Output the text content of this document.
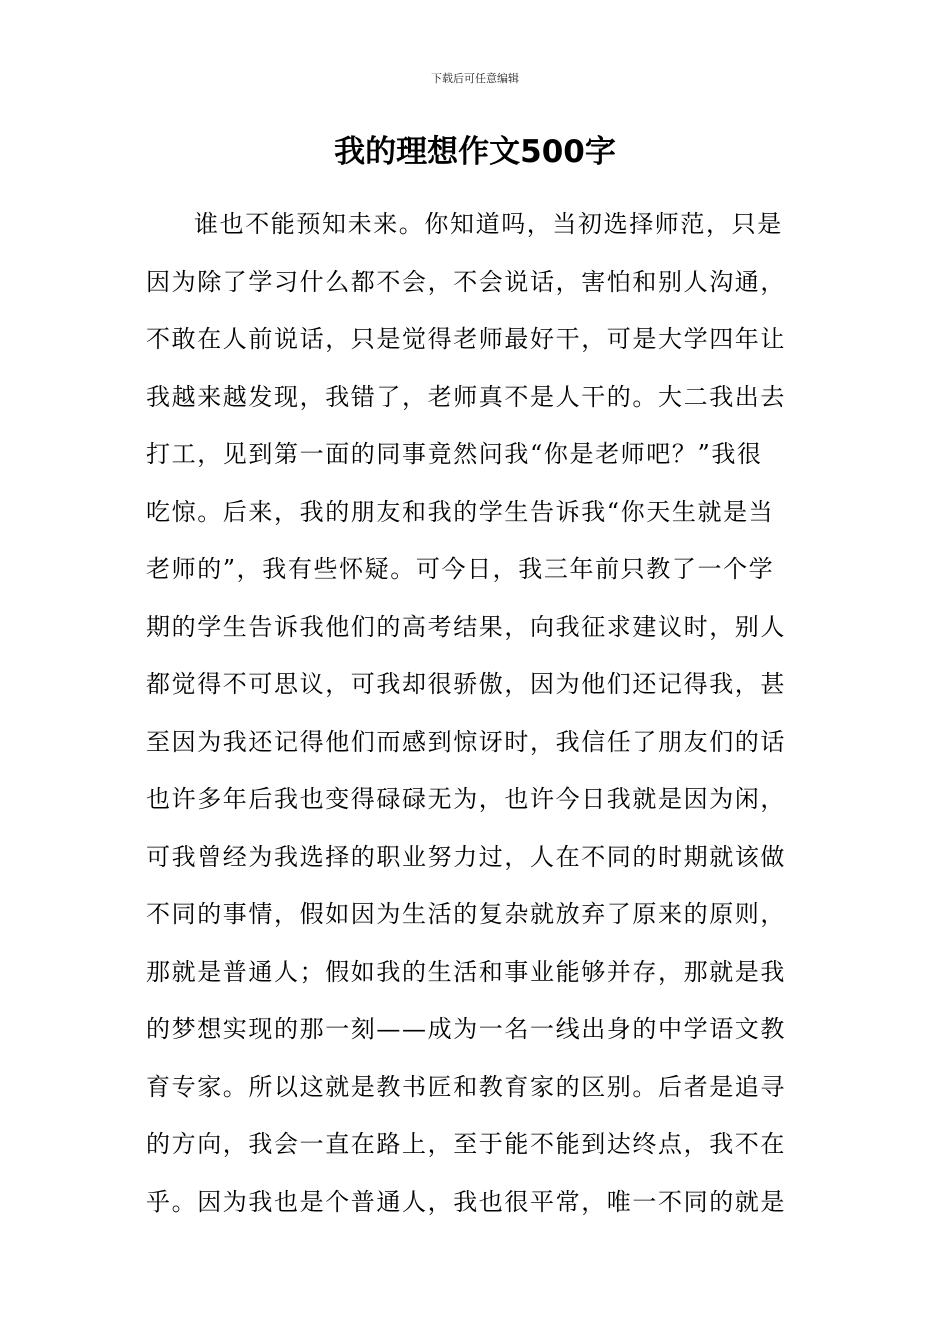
下载后可任意编辑
我的理想作文500字
谁也不能预知未来。你知道吗，当初选择师范，只是
因为除了学习什么都不会，不会说话，害怕和别人沟通，
不敢在人前说话，只是觉得老师最好干，可是大学四年让
我越来越发现，我错了，老师真不是人干的。大二我出去
打工，见到第一面的同事竟然问我“你是老师吧？”我很
吃惊。后来，我的朋友和我的学生告诉我“你天生就是当
老师的”，我有些怀疑。可今日，我三年前只教了一个学
期的学生告诉我他们的高考结果，向我征求建议时，别人
都觉得不可思议，可我却很骄傲，因为他们还记得我，甚
至因为我还记得他们而感到惊讶时，我信任了朋友们的话
也许多年后我也变得碌碌无为，也许今日我就是因为闲，
可我曾经为我选择的职业努力过，人在不同的时期就该做
不同的事情，假如因为生活的复杂就放弃了原来的原则，
那就是普通人；假如我的生活和事业能够并存，那就是我
的梦想实现的那一刻——成为一名一线出身的中学语文教
育专家。所以这就是教书匠和教育家的区别。后者是追寻
的方向，我会一直在路上，至于能不能到达终点，我不在
乎。因为我也是个普通人，我也很平常，唯一不同的就是
